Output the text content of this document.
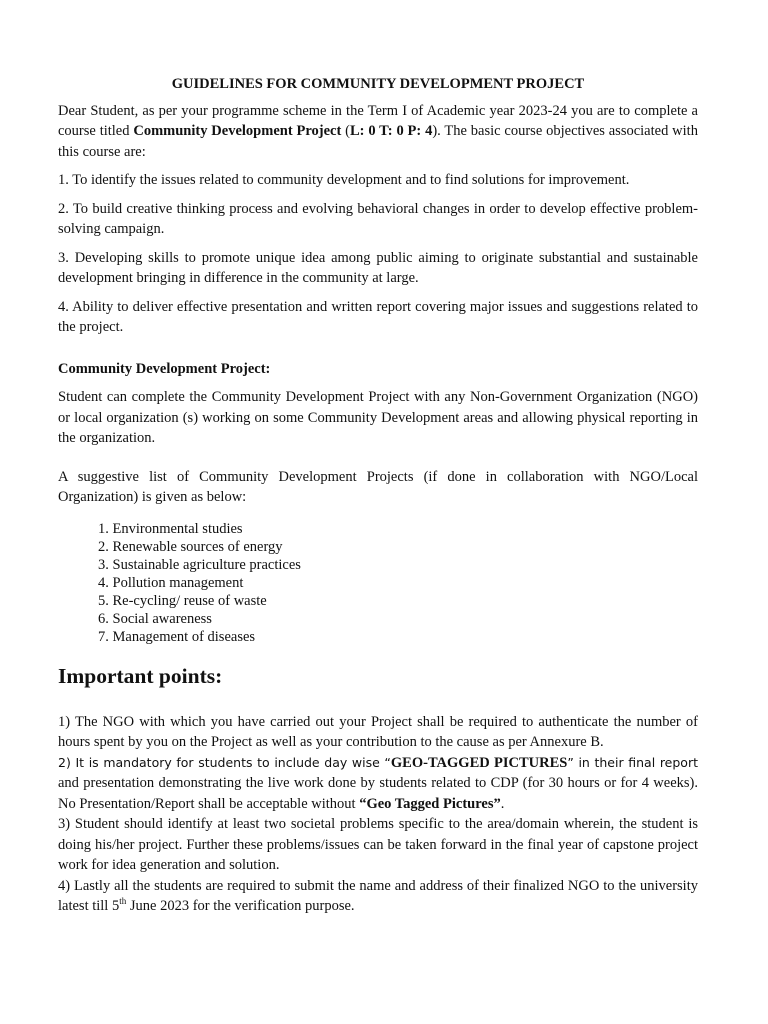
GUIDELINES FOR COMMUNITY DEVELOPMENT PROJECT

Dear Student, as per your programme scheme in the Term I of Academic year 2023-24 you are to complete a course titled Community Development Project (L: 0 T: 0 P: 4). The basic course objectives associated with this course are:

1. To identify the issues related to community development and to find solutions for improvement.

2. To build creative thinking process and evolving behavioral changes in order to develop effective problem-solving campaign.

3. Developing skills to promote unique idea among public aiming to originate substantial and sustainable development bringing in difference in the community at large.

4. Ability to deliver effective presentation and written report covering major issues and suggestions related to the project.

Community Development Project:

Student can complete the Community Development Project with any Non-Government Organization (NGO) or local organization (s) working on some Community Development areas and allowing physical reporting in the organization.

A suggestive list of Community Development Projects (if done in collaboration with NGO/Local Organization) is given as below:

1. Environmental studies
2. Renewable sources of energy
3. Sustainable agriculture practices
4. Pollution management
5. Re-cycling/ reuse of waste
6. Social awareness
7. Management of diseases
Important points:

1) The NGO with which you have carried out your Project shall be required to authenticate the number of hours spent by you on the Project as well as your contribution to the cause as per Annexure B.

2) It is mandatory for students to include day wise “GEO-TAGGED PICTURES” in their final report and presentation demonstrating the live work done by students related to CDP (for 30 hours or for 4 weeks). No Presentation/Report shall be acceptable without “Geo Tagged Pictures”.

3) Student should identify at least two societal problems specific to the area/domain wherein, the student is doing his/her project. Further these problems/issues can be taken forward in the final year of capstone project work for idea generation and solution.

4) Lastly all the students are required to submit the name and address of their finalized NGO to the university latest till 5th June 2023 for the verification purpose.
